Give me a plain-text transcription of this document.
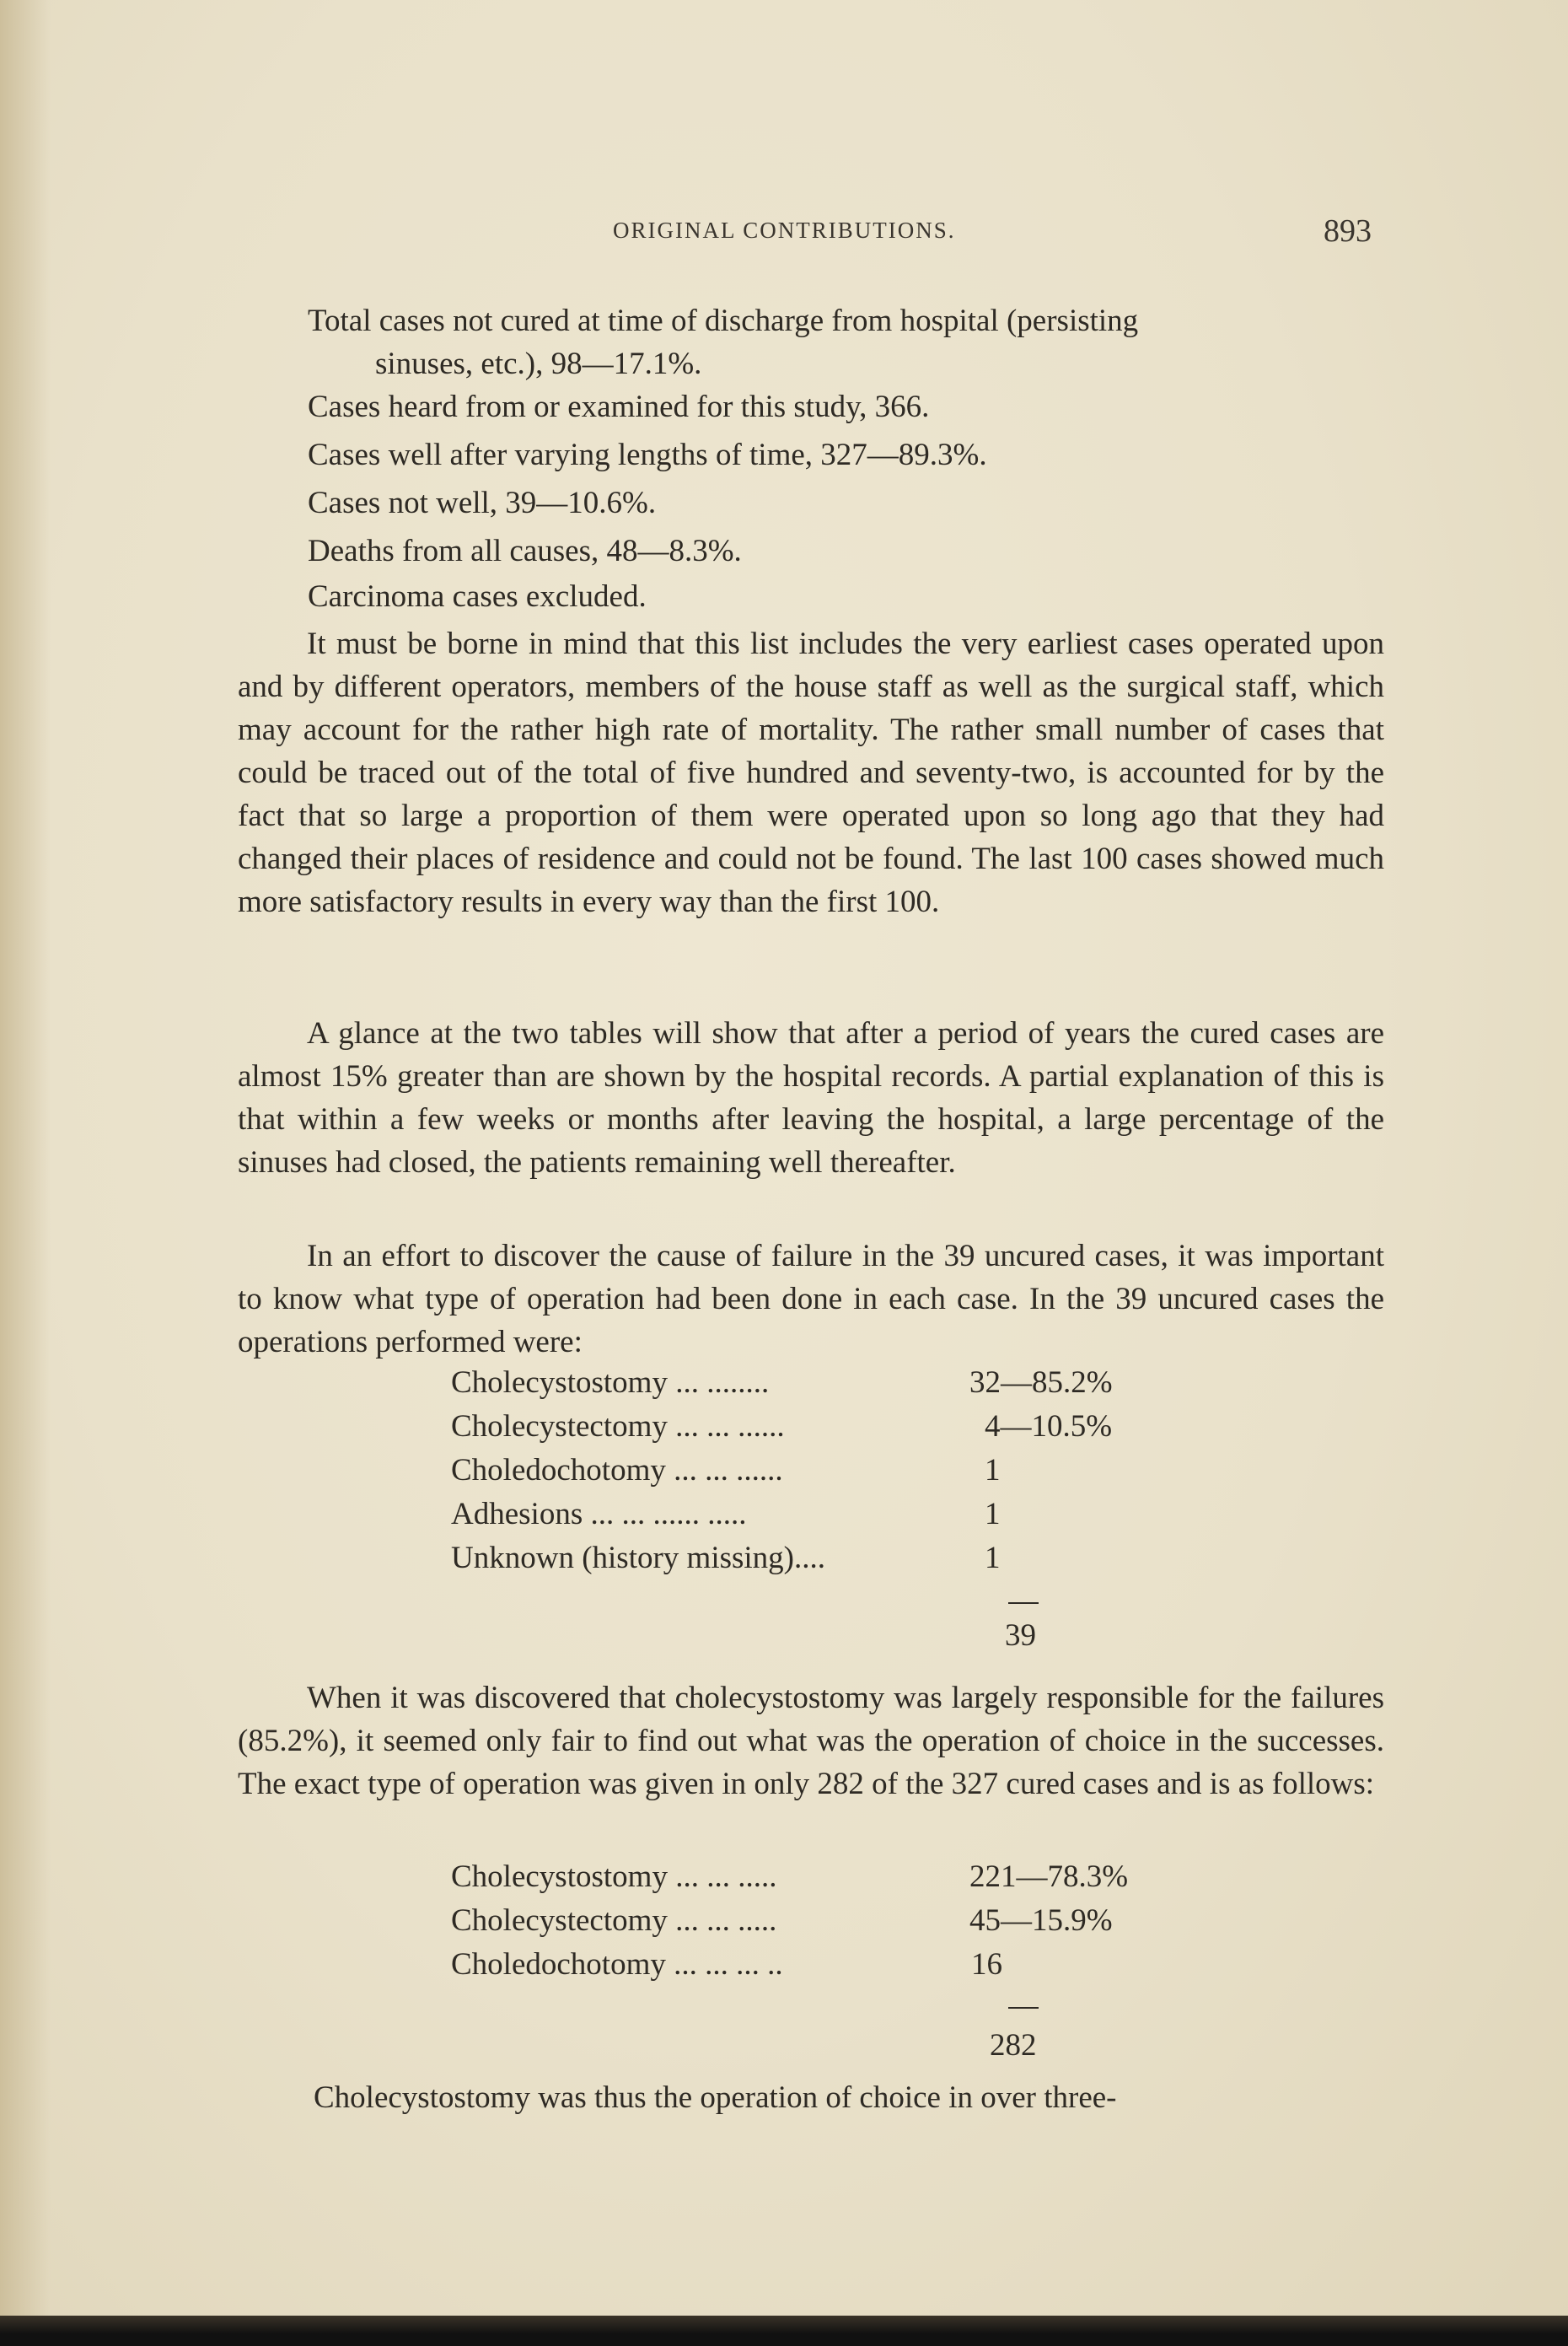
ORIGINAL CONTRIBUTIONS.	893
Total cases not cured at time of discharge from hospital (persisting
sinuses, etc.), 98—17.1%.
Cases heard from or examined for this study, 366.
Cases well after varying lengths of time, 327—89.3%.
Cases not well, 39—10.6%.
Deaths from all causes, 48—8.3%.
Carcinoma cases excluded.

It must be borne in mind that this list includes the very earliest cases operated upon and by different operators, members of the house staff as well as the surgical staff, which may account for the rather high rate of mortality. The rather small number of cases that could be traced out of the total of five hundred and seventy-two, is accounted for by the fact that so large a proportion of them were operated upon so long ago that they had changed their places of residence and could not be found. The last 100 cases showed much more satisfactory results in every way than the first 100.

A glance at the two tables will show that after a period of years the cured cases are almost 15% greater than are shown by the hospital records. A partial explanation of this is that within a few weeks or months after leaving the hospital, a large percentage of the sinuses had closed, the patients remaining well thereafter.

In an effort to discover the cause of failure in the 39 uncured cases, it was important to know what type of operation had been done in each case. In the 39 uncured cases the operations performed were:

Cholecystostomy ... ........	32—85.2%
Cholecystectomy ... ... ......	4—10.5%
Choledochotomy ... ... ......	1
Adhesions ... ... ...... .....	1
Unknown (history missing)....	1
39

When it was discovered that cholecystostomy was largely responsible for the failures (85.2%), it seemed only fair to find out what was the operation of choice in the successes. The exact type of operation was given in only 282 of the 327 cured cases and is as follows:

Cholecystostomy ... ... .....	221—78.3%
Cholecystectomy ... ... .....	45—15.9%
Choledochotomy ... ... ... ..	16
282
Cholecystostomy was thus the operation of choice in over three-
